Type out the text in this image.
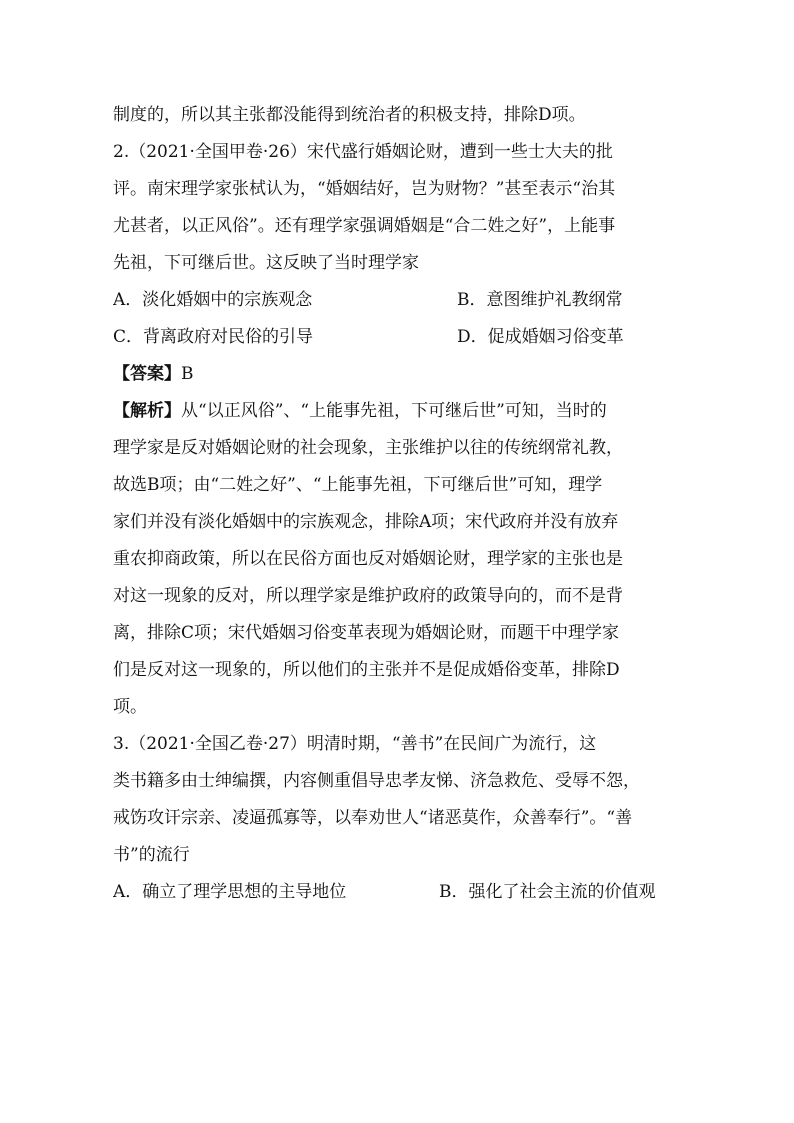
制度的，所以其主张都没能得到统治者的积极支持，排除D项。
2.（2021·全国甲卷·26）宋代盛行婚姻论财，遭到一些士大夫的批
评。南宋理学家张栻认为，“婚姻结好，岂为财物？”甚至表示“治其
尤甚者，以正风俗”。还有理学家强调婚姻是“合二姓之好”，上能事
先祖，下可继后世。这反映了当时理学家
A．淡化婚姻中的宗族观念	B．意图维护礼教纲常
C．背离政府对民俗的引导	D．促成婚姻习俗变革
【答案】B
【解析】从“以正风俗”、“上能事先祖，下可继后世”可知，当时的
理学家是反对婚姻论财的社会现象，主张维护以往的传统纲常礼教，
故选B项；由“二姓之好”、“上能事先祖，下可继后世”可知，理学
家们并没有淡化婚姻中的宗族观念，排除A项；宋代政府并没有放弃
重农抑商政策，所以在民俗方面也反对婚姻论财，理学家的主张也是
对这一现象的反对，所以理学家是维护政府的政策导向的，而不是背
离，排除C项；宋代婚姻习俗变革表现为婚姻论财，而题干中理学家
们是反对这一现象的，所以他们的主张并不是促成婚俗变革，排除D
项。
3.（2021·全国乙卷·27）明清时期，“善书”在民间广为流行，这
类书籍多由士绅编撰，内容侧重倡导忠孝友悌、济急救危、受辱不怨，
戒饬攻讦宗亲、凌逼孤寡等，以奉劝世人“诸恶莫作，众善奉行”。“善
书”的流行
A．确立了理学思想的主导地位	B．强化了社会主流的价值观
